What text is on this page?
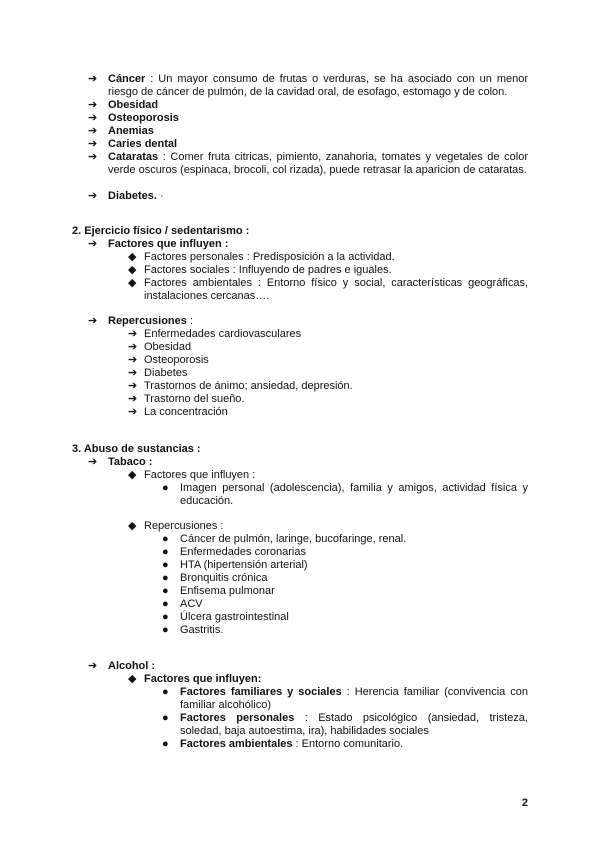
➔ Cáncer : Un mayor consumo de frutas o verduras, se ha asociado con un menor riesgo de cáncer de pulmón, de la cavidad oral, de esofago, estomago y de colon.
➔ Obesidad
➔ Osteoporosis
➔ Anemias
➔ Caries dental
➔ Cataratas : Comer fruta citricas, pimiento, zanahoria, tomates y vegetales de color verde oscuros (espinaca, brocoli, col rizada), puede retrasar la aparicion de cataratas.
➔ Diabetes. ·
2. Ejercicio físico / sedentarismo :
➔ Factores que influyen :
◆ Factores personales : Predisposición a la actividad.
◆ Factores sociales : Influyendo de padres e iguales.
◆ Factores ambientales : Entorno físico y social, características geográficas, instalaciones cercanas….
➔ Repercusiones :
➔ Enfermedades cardiovasculares
➔ Obesidad
➔ Osteoporosis
➔ Diabetes
➔ Trastornos de ánimo; ansiedad, depresión.
➔ Trastorno del sueño.
➔ La concentración
3. Abuso de sustancias :
➔ Tabaco :
◆ Factores que influyen :
●	Imagen personal (adolescencia), familia y amigos, actividad física y educación.
◆ Repercusiones :
●	Cáncer de pulmón, laringe, bucofaringe, renal.
●	Enfermedades coronarias
●	HTA (hipertensión arterial)
●	Bronquitis crónica
●	Enfisema pulmonar
●	ACV
●	Úlcera gastrointestinal
●	Gastritis.
➔ Alcohol :
◆ Factores que influyen:
●	Factores familiares y sociales : Herencia familiar (convivencia con familiar alcohólico)
●	Factores personales : Estado psicológico (ansiedad, tristeza, soledad, baja autoestima, ira), habilidades sociales
●	Factores ambientales : Entorno comunitario.
2
